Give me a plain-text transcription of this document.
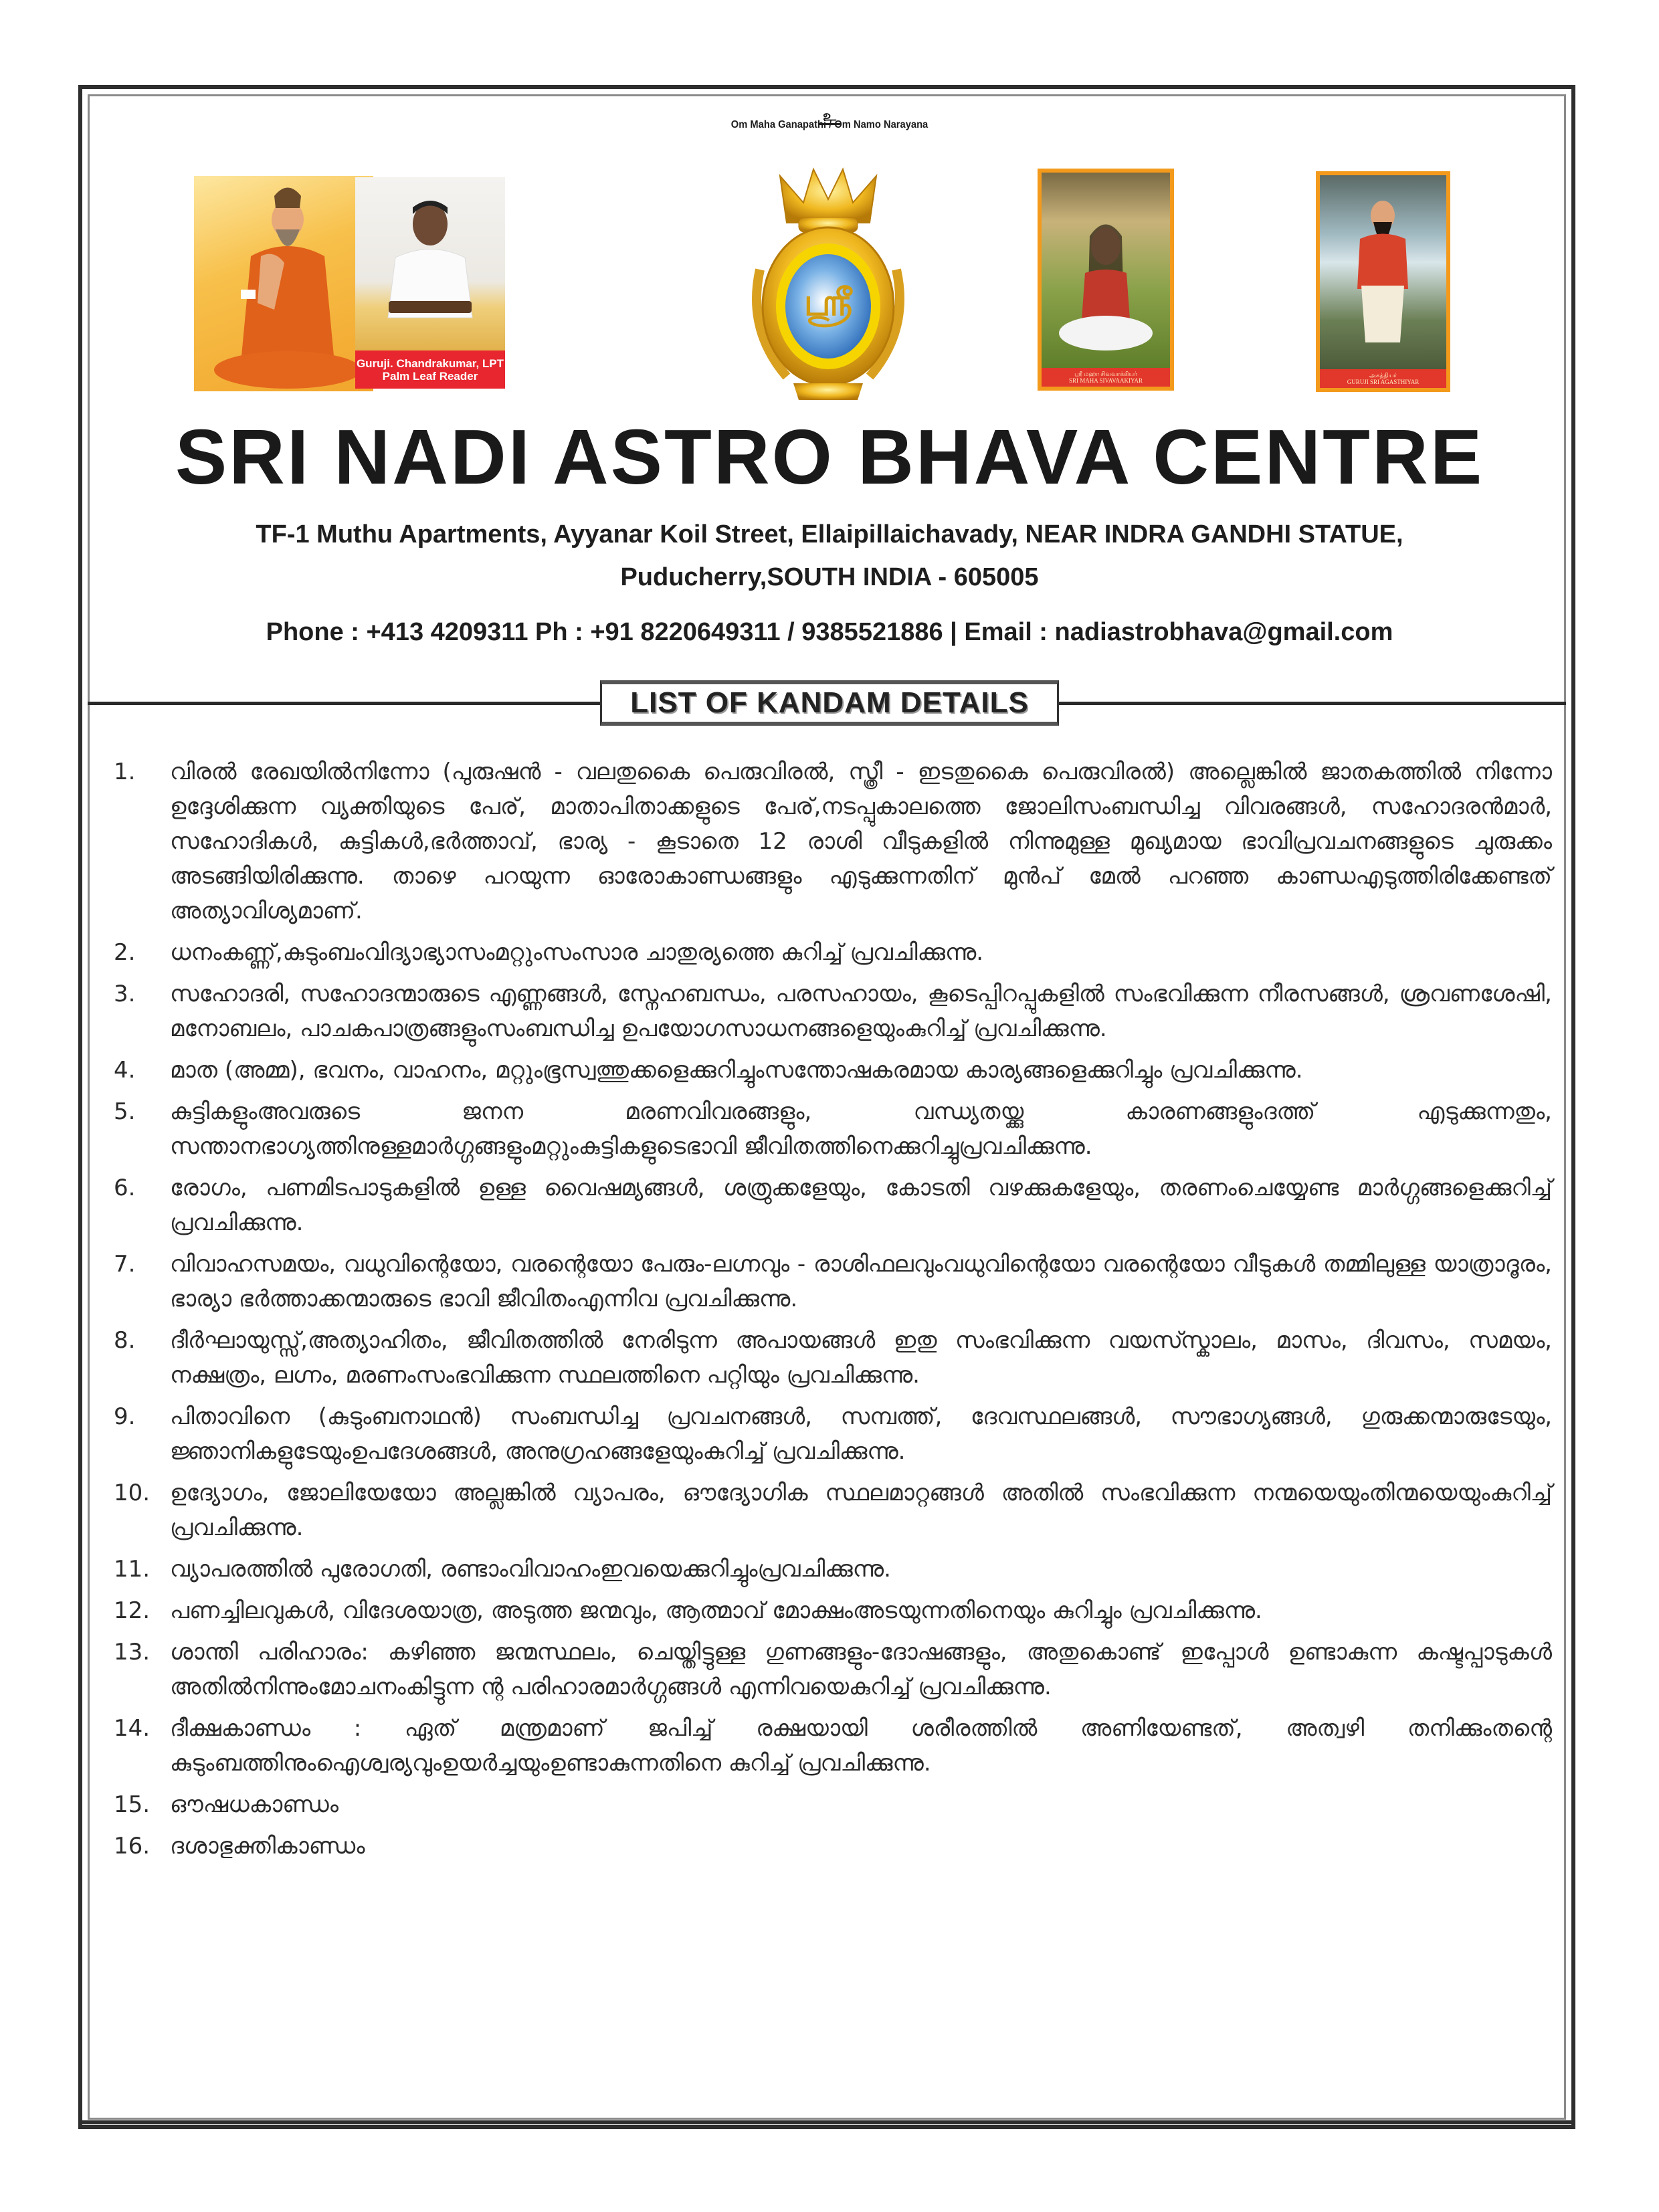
உ
Om Maha Ganapathi / Om Namo Narayana
Guruji. Chandrakumar, LPT
Palm Leaf Reader
ஸ்ரீ
ஸ்ரீ மஹா சிவவாக்கியர்
SRI MAHA SIVAVAAKIYAR
அகத்தியர்
GURUJI SRI AGASTHIYAR
SRI NADI ASTRO BHAVA CENTRE
TF-1 Muthu Apartments, Ayyanar Koil Street, Ellaipillaichavady, NEAR INDRA GANDHI STATUE,
Puducherry,SOUTH INDIA - 605005
Phone : +413 4209311 Ph : +91 8220649311 / 9385521886 | Email : nadiastrobhava@gmail.com
LIST OF KANDAM DETAILS
1.	വിരൽ രേഖയിൽനിന്നോ (പുരുഷൻ - വലതുകൈ പെരുവിരൽ, സ്ത്രീ - ഇടതുകൈ പെരുവിരൽ) അല്ലെങ്കിൽ ജാതകത്തിൽ നിന്നോ ഉദ്ദേശിക്കുന്ന വ്യക്തിയുടെ പേര്, മാതാപിതാക്കളുടെ പേര്,നടപ്പുകാലത്തെ ജോലിസംബന്ധിച്ച വിവരങ്ങൾ, സഹോദരൻമാർ, സഹോദികൾ, കുട്ടികൾ,ഭർത്താവ്, ഭാര്യ - കൂടാതെ 12 രാശി വീടുകളിൽ നിന്നുമുള്ള മുഖ്യമായ ഭാവിപ്രവചനങ്ങളുടെ ചുരുക്കം അടങ്ങിയിരിക്കുന്നു. താഴെ പറയുന്ന ഓരോകാണ്ഡങ്ങളും എടുക്കുന്നതിന് മുൻപ് മേൽ പറഞ്ഞ കാണ്ഡഎടുത്തിരിക്കേണ്ടത് അത്യാവിശ്യമാണ്.
2.	ധനംകണ്ണ്,കുടുംബംവിദ്യാഭ്യാസംമറ്റുംസംസാര ചാതുര്യത്തെ കുറിച്ച് പ്രവചിക്കുന്നു.
3.	സഹോദരി, സഹോദന്മാരുടെ എണ്ണങ്ങൾ, സ്നേഹബന്ധം, പരസഹായം, കൂടെപ്പിറപ്പുകളിൽ സംഭവിക്കുന്ന നീരസങ്ങൾ, ശ്രവണശേഷി, മനോബലം, പാചകപാത്രങ്ങളുംസംബന്ധിച്ച ഉപയോഗസാധനങ്ങളെയുംകുറിച്ച് പ്രവചിക്കുന്നു.
4.	മാത (അമ്മ), ഭവനം, വാഹനം, മറ്റുംഭൂസ്വത്തുക്കളെക്കുറിച്ചുംസന്തോഷകരമായ കാര്യങ്ങളെക്കുറിച്ചും പ്രവചിക്കുന്നു.
5.	കുട്ടികളുംഅവരുടെ ജനന മരണവിവരങ്ങളും, വന്ധ്യതയ്ക്കു കാരണങ്ങളുംദത്ത് എടുക്കുന്നതും, സന്താനഭാഗ്യത്തിനുള്ളമാർഗ്ഗങ്ങളുംമറ്റുംകുട്ടികളുടെഭാവി ജീവിതത്തിനെക്കുറിച്ചുപ്രവചിക്കുന്നു.
6.	രോഗം, പണമിടപാടുകളിൽ ഉള്ള വൈഷമ്യങ്ങൾ, ശത്രുക്കളേയും, കോടതി വഴക്കുകളേയും, തരണംചെയ്യേണ്ട മാർഗ്ഗങ്ങളെക്കുറിച്ച് പ്രവചിക്കുന്നു.
7.	വിവാഹസമയം, വധുവിന്റെയോ, വരന്റെയോ പേരും-ലഗ്നവും - രാശിഫലവുംവധുവിന്റെയോ വരന്റെയോ വീടുകൾ തമ്മിലുള്ള യാത്രാദൂരം, ഭാര്യാ ഭർത്താക്കന്മാരുടെ ഭാവി ജീവിതംഎന്നിവ പ്രവചിക്കുന്നു.
8.	ദീർഘായുസ്സ്,അത്യാഹിതം, ജീവിതത്തിൽ നേരിടുന്ന അപായങ്ങൾ ഇതു സംഭവിക്കുന്ന വയസ്സ്കാലം, മാസം, ദിവസം, സമയം, നക്ഷത്രം, ലഗ്നം, മരണംസംഭവിക്കുന്ന സ്ഥലത്തിനെ പറ്റിയും പ്രവചിക്കുന്നു.
9.	പിതാവിനെ (കുടുംബനാഥൻ) സംബന്ധിച്ച പ്രവചനങ്ങൾ, സമ്പത്ത്, ദേവസ്ഥലങ്ങൾ, സൗഭാഗ്യങ്ങൾ, ഗുരുക്കന്മാരുടേയും, ജ്ഞാനികളുടേയുംഉപദേശങ്ങൾ, അനുഗ്രഹങ്ങളേയുംകുറിച്ച് പ്രവചിക്കുന്നു.
10. ഉദ്യോഗം, ജോലിയേയോ അല്ലങ്കിൽ വ്യാപരം, ഔദ്യോഗിക സ്ഥലമാറ്റങ്ങൾ അതിൽ സംഭവിക്കുന്ന നന്മയെയുംതിന്മയെയുംകുറിച്ച് പ്രവചിക്കുന്നു.
11. വ്യാപരത്തിൽ പുരോഗതി, രണ്ടാംവിവാഹംഇവയെക്കുറിച്ചുംപ്രവചിക്കുന്നു.
12. പണച്ചിലവുകൾ, വിദേശയാത്ര, അടുത്ത ജന്മവും, ആത്മാവ് മോക്ഷംഅടയുന്നതിനെയും കുറിച്ചും പ്രവചിക്കുന്നു.
13. ശാന്തി പരിഹാരം: കഴിഞ്ഞ ജന്മസ്ഥലം, ചെയ്തിട്ടുള്ള ഗുണങ്ങളും-ദോഷങ്ങളും, അതുകൊണ്ട് ഇപ്പോൾ ഉണ്ടാകുന്ന കഷ്ടപ്പാടുകൾ അതിൽനിന്നുംമോചനംകിട്ടുന്ന ന്റ പരിഹാരമാർഗ്ഗങ്ങൾ എന്നിവയെകുറിച്ച് പ്രവചിക്കുന്നു.
14. ദീക്ഷകാണ്ഡം : ഏത് മന്ത്രമാണ് ജപിച്ച് രക്ഷയായി ശരീരത്തിൽ അണിയേണ്ടത്, അത്വഴി തനിക്കുംതന്റെ കുടുംബത്തിനുംഐശ്വര്യവുംഉയർച്ചയുംഉണ്ടാകുന്നതിനെ കുറിച്ച് പ്രവചിക്കുന്നു.
15. ഔഷധകാണ്ഡം
16. ദശാഭുക്തികാണ്ഡം
